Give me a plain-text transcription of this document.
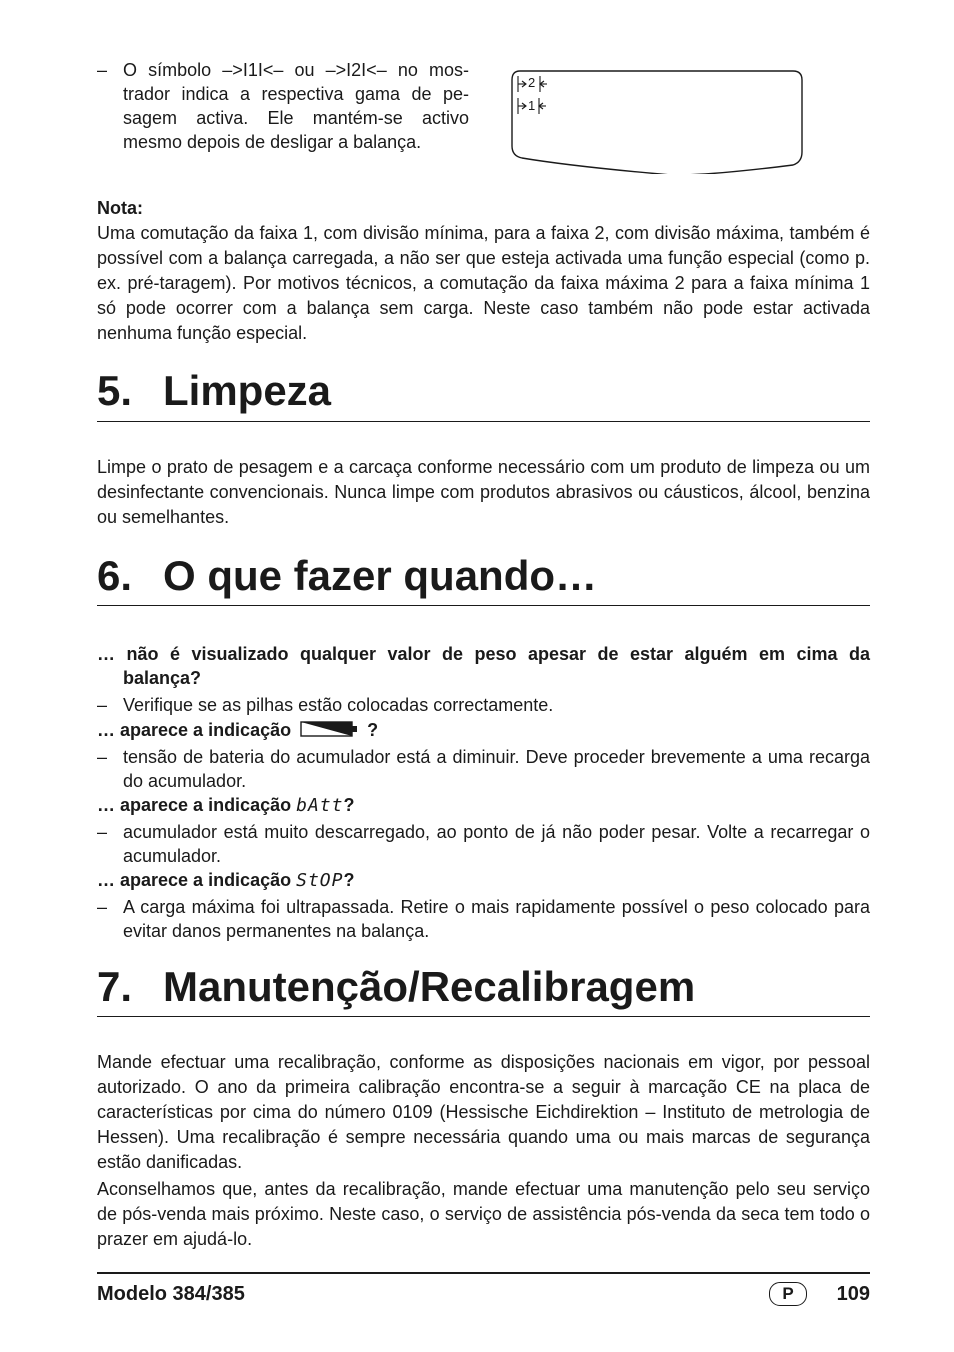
– O símbolo –>I1I<– ou –>I2I<– no mos-
trador indica a respectiva gama de pe-
sagem activa. Ele mantém-se activo
mesmo depois de desligar a balança.
2
1
Nota:

Uma comutação da faixa 1, com divisão mínima, para a faixa 2, com divisão máxima, também é possível com a balança carregada, a não ser que esteja activada uma função especial (como p. ex. pré-taragem). Por motivos técnicos, a comutação da faixa máxima 2 para a faixa mínima 1 só pode ocorrer com a balança sem carga. Neste caso também não pode estar activada nenhuma função especial.

5. Limpeza

Limpe o prato de pesagem e a carcaça conforme necessário com um produto de limpeza ou um desinfectante convencionais. Nunca limpe com produtos abrasivos ou cáusticos, álcool, benzina ou semelhantes.

6. O que fazer quando…
… não é visualizado qualquer valor de peso apesar de estar alguém em cima da
balança?
– Verifique se as pilhas estão colocadas correctamente.
… aparece a indicação	?
– tensão de bateria do acumulador está a diminuir. Deve proceder brevemente a uma recarga do acumulador.
… aparece a indicação bAtt?
– acumulador está muito descarregado, ao ponto de já não poder pesar. Volte a recarregar o acumulador.
… aparece a indicação StOP?
– A carga máxima foi ultrapassada. Retire o mais rapidamente possível o peso colocado para evitar danos permanentes na balança.
7. Manutenção/Recalibragem

Mande efectuar uma recalibração, conforme as disposições nacionais em vigor, por pessoal autorizado. O ano da primeira calibração encontra-se a seguir à marcação CE na placa de características por cima do número 0109 (Hessische Eichdirektion – Instituto de metrologia de Hessen). Uma recalibração é sempre necessária quando uma ou mais marcas de segurança estão danificadas.

Aconselhamos que, antes da recalibração, mande efectuar uma manutenção pelo seu serviço de pós-venda mais próximo. Neste caso, o serviço de assistência pós-venda da seca tem todo o prazer em ajudá-lo.

Modelo 384/385	P	109
